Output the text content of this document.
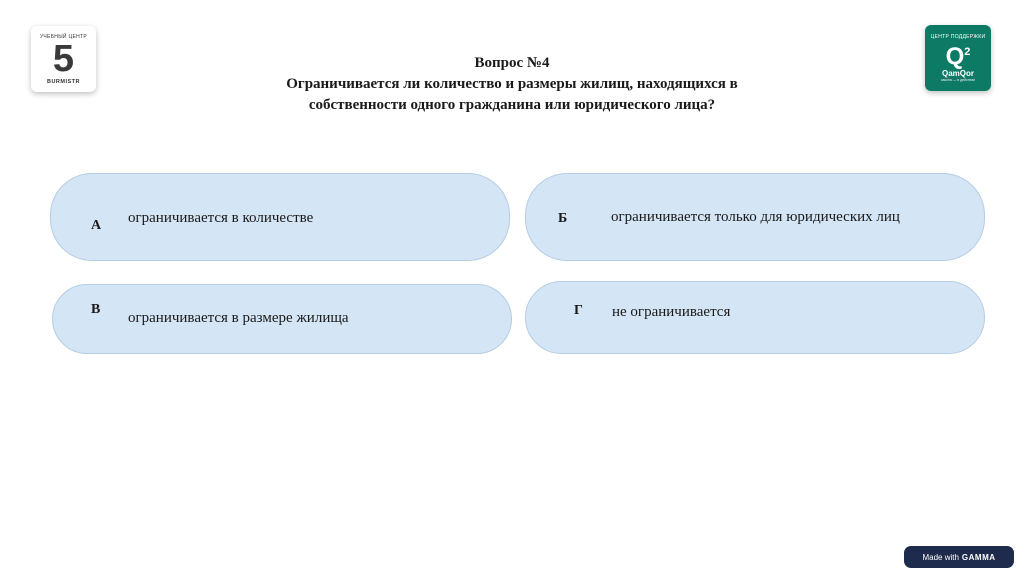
УЧЕБНЫЙ ЦЕНТР
5
BURMISTR
ЦЕНТР ПОДДЕРЖКИ
$Q^2$
QamQor
закона — в действии
Вопрос №4
Ограничивается ли количество и размеры жилищ, находящихся в
собственности одного гражданина или юридического лица?
А ограничивается в количестве	Б	ограничивается только для юридических лиц
В
ограничивается в размере жилища	Г не ограничивается
Made with GAMMA
